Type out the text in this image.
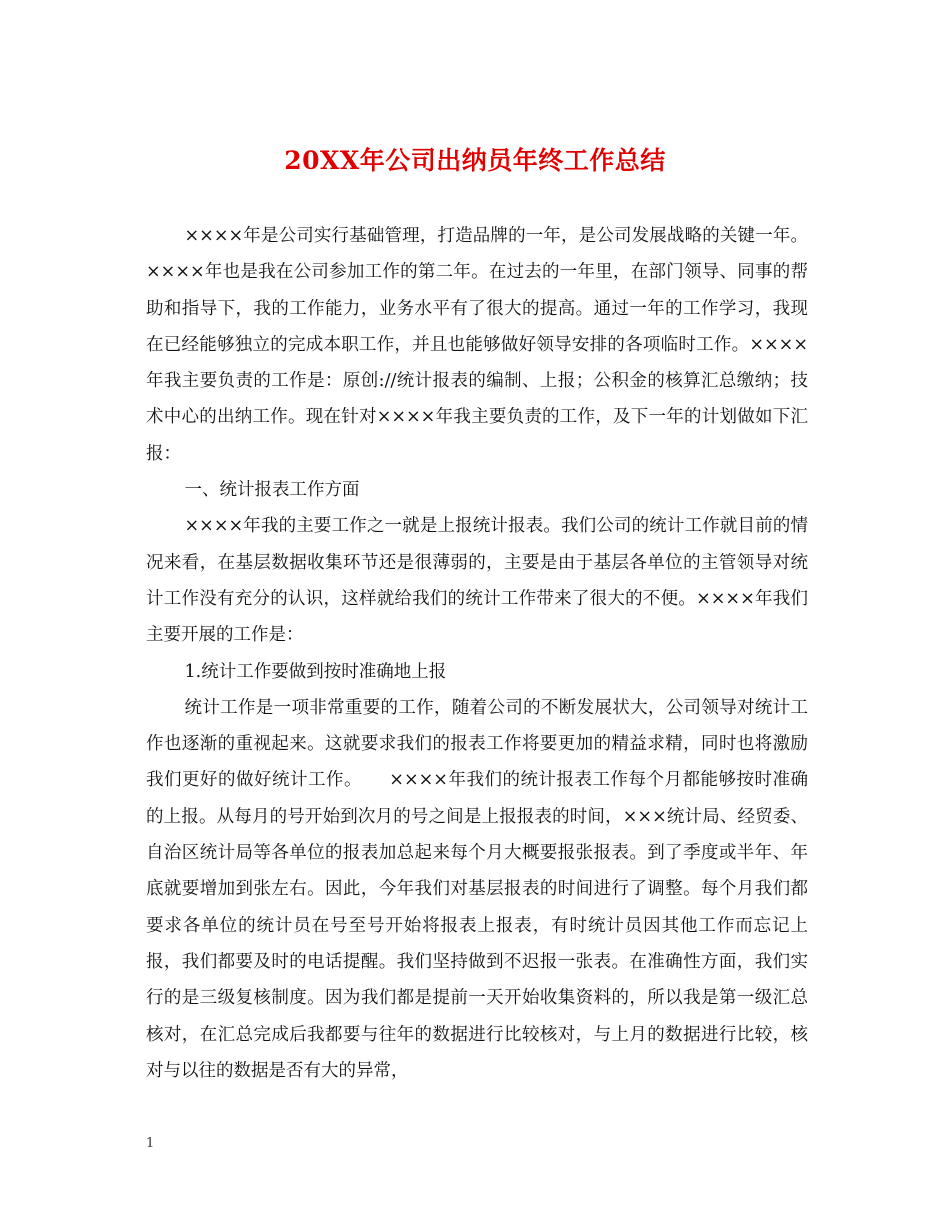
20XX年公司出纳员年终工作总结

××××年是公司实行基础管理，打造品牌的一年，是公司发展战略的关键一年。××××年也是我在公司参加工作的第二年。在过去的一年里，在部门领导、同事的帮助和指导下，我的工作能力，业务水平有了很大的提高。通过一年的工作学习，我现在已经能够独立的完成本职工作，并且也能够做好领导安排的各项临时工作。××××年我主要负责的工作是：原创://统计报表的编制、上报；公积金的核算汇总缴纳；技术中心的出纳工作。现在针对××××年我主要负责的工作，及下一年的计划做如下汇报：

一、统计报表工作方面

××××年我的主要工作之一就是上报统计报表。我们公司的统计工作就目前的情况来看，在基层数据收集环节还是很薄弱的，主要是由于基层各单位的主管领导对统计工作没有充分的认识，这样就给我们的统计工作带来了很大的不便。××××年我们主要开展的工作是：

1.统计工作要做到按时准确地上报

统计工作是一项非常重要的工作，随着公司的不断发展状大，公司领导对统计工作也逐渐的重视起来。这就要求我们的报表工作将要更加的精益求精，同时也将激励我们更好的做好统计工作。　　××××年我们的统计报表工作每个月都能够按时准确的上报。从每月的号开始到次月的号之间是上报报表的时间，×××统计局、经贸委、自治区统计局等各单位的报表加总起来每个月大概要报张报表。到了季度或半年、年底就要增加到张左右。因此，今年我们对基层报表的时间进行了调整。每个月我们都要求各单位的统计员在号至号开始将报表上报表，有时统计员因其他工作而忘记上报，我们都要及时的电话提醒。我们坚持做到不迟报一张表。在准确性方面，我们实行的是三级复核制度。因为我们都是提前一天开始收集资料的，所以我是第一级汇总核对，在汇总完成后我都要与往年的数据进行比较核对，与上月的数据进行比较，核对与以往的数据是否有大的异常，

1
